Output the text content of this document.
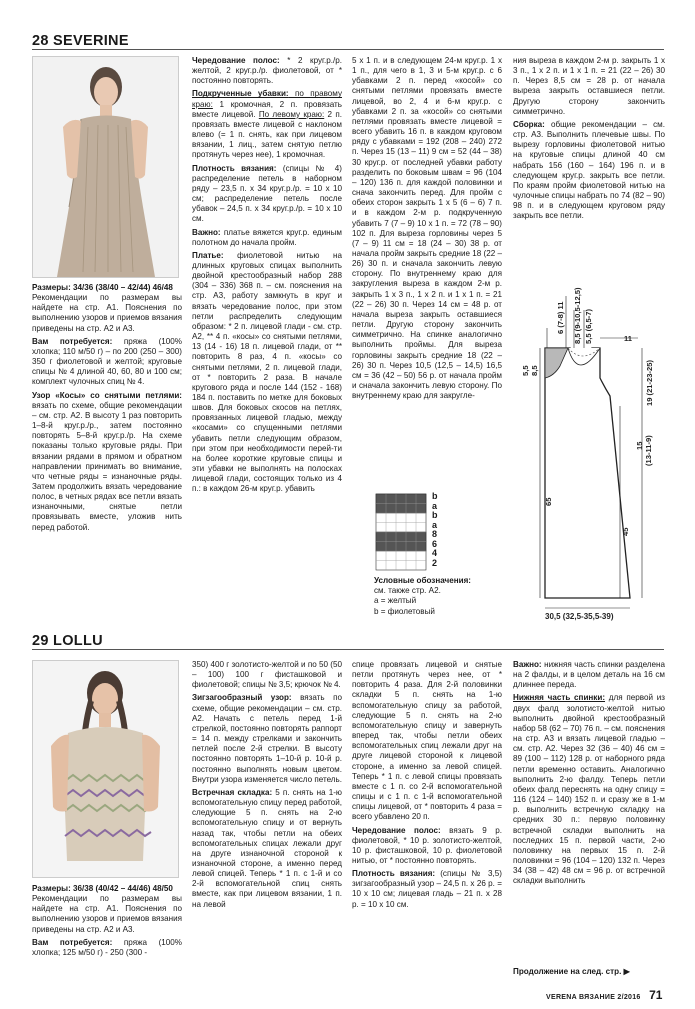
28 SEVERINE

Размеры: 34/36 (38/40 – 42/44) 46/48
Рекомендации по размерам вы найдете на стр. А1. Пояснения по выполнению узоров и приемов вязания приведены на стр. А2 и А3.

Вам потребуется: пряжа (100% хлопка; 110 м/50 г) – по 200 (250 – 300) 350 г фиолетовой и желтой; круговые спицы № 4 длиной 40, 60, 80 и 100 см; комплект чулочных спиц № 4.

Узор «Косы» со снятыми петлями: вязать по схеме, общие рекомендации – см. стр. А2. В высоту 1 раз повторить 1–8-й круг.р./р., затем постоянно повторять 5–8-й круг.р./р. На схеме показаны только круговые ряды. При вязании рядами в прямом и обратном направлении принимать во внимание, что четные ряды = изнаночные ряды. Затем продолжить вязать чередование полос, в четных рядах все петли вязать изнаночными, снятые петли провязывать вместе, уложив нить перед работой.

Чередование полос: * 2 круг.р./р. желтой, 2 круг.р./р. фиолетовой, от * постоянно повторять.

Подкрученные убавки: по правому краю: 1 кромочная, 2 п. провязать вместе лицевой. По левому краю: 2 п. провязать вместе лицевой с наклоном влево (= 1 п. снять, как при лицевом вязании, 1 лиц., затем снятую петлю протянуть через нее), 1 кромочная.

Плотность вязания: (спицы № 4) распределение петель в наборном ряду – 23,5 п. х 34 круг.р./р. = 10 х 10 см; распределение петель после убавок – 24,5 п. х 34 круг.р./р. = 10 х 10 см.

Важно: платье вяжется круг.р. единым полотном до начала пройм.

Платье: фиолетовой нитью на длинных круговых спицах выполнить двойной крестообразный набор 288 (304 – 336) 368 п. – см. пояснения на стр. А3, работу замкнуть в круг и вязать чередование полос, при этом петли распределить следующим образом: * 2 п. лицевой глади - см. стр. А2, ** 4 п. «косы» со снятыми петлями, 13 (14 - 16) 18 п. лицевой глади, от ** повторить 8 раз, 4 п. «косы» со снятыми петлями, 2 п. лицевой глади, от * повторить 2 раза. В начале кругового ряда и после 144 (152 - 168) 184 п. поставить по метке для боковых швов. Для боковых скосов на петлях, провязанных лицевой гладью, между «косами» со спущенными петлями убавить петли следующим образом, при этом при необходимости перей-ти на более короткие круговые спицы и эти убавки не выполнять на полосках лицевой глади, состоящих только из 4 п.: в каждом 26-м круг.р. убавить

5 х 1 п. и в следующем 24-м круг.р. 1 х 1 п., для чего в 1, 3 и 5-м круг.р. с 6 убавками 2 п. перед «косой» со снятыми петлями провязать вместе лицевой, во 2, 4 и 6-м круг.р. с убавками 2 п. за «косой» со снятыми петлями провязать вместе лицевой = всего убавить 16 п. в каждом круговом ряду с убавками = 192 (208 – 240) 272 п. Через 15 (13 – 11) 9 см = 52 (44 – 38) 30 круг.р. от последней убавки работу разделить по боковым швам = 96 (104 – 120) 136 п. для каждой половинки и снача закончить перед. Для пройм с обеих сторон закрыть 1 х 5 (6 – 6) 7 п. и в каждом 2-м р. подкрученную убавить 7 (7 – 9) 10 х 1 п. = 72 (78 – 90) 102 п. Для выреза горловины через 5 (7 – 9) 11 см = 18 (24 – 30) 38 р. от начала пройм закрыть средние 18 (22 – 26) 30 п. и сначала закончить левую сторону. По внутреннему краю для закругления выреза в каждом 2-м р. закрыть 1 х 3 п., 1 х 2 п. и 1 х 1 п. = 21 (22 – 26) 30 п. Через 14 см = 48 р. от начала выреза закрыть оставшиеся петли. Другую сторону закончить симметрично. На спинке аналогично выполнить проймы. Для выреза горловины закрыть средние 18 (22 – 26) 30 п. Через 10,5 (12,5 – 14,5) 16,5 см = 36 (42 – 50) 56 р. от начала пройм и сначала закончить левую сторону. По внутреннему краю для закругле-

b
a
b
a
8
6
4
2
Условные обозначения:
см. также стр. А2.
a = желтый
b = фиолетовый

ния выреза в каждом 2-м р. закрыть 1 х 3 п., 1 х 2 п. и 1 х 1 п. = 21 (22 – 26) 30 п. Через 8,5 см = 28 р. от начала выреза закрыть оставшиеся петли. Другую сторону закончить симметрично.

Сборка: общие рекомендации – см. стр. А3. Выполнить плечевые швы. По вырезу горловины фиолетовой нитью на круговые спицы длиной 40 см набрать 156 (160 – 164) 196 п. и в следующем круг.р. закрыть все петли. По краям пройм фиолетовой нитью на чулочные спицы набрать по 74 (82 – 90) 98 п. и в следующем круговом ряду закрыть все петли.

6 (7-8) 11 8,5 (9-10,5-12,5) 5,5 (6,5-7)
5,5 8,5
11
19 (21-23-25)
65
15 (13-11-9)
45
30,5 (32,5-35,5-39)
29 LOLLU

Размеры: 36/38 (40/42 – 44/46) 48/50
Рекомендации по размерам вы найдете на стр. А1. Пояснения по выполнению узоров и приемов вязания приведены на стр. А2 и А3.

Вам потребуется: пряжа (100% хлопка; 125 м/50 г) - 250 (300 -

350) 400 г золотисто-желтой и по 50 (50 – 100) 100 г фисташковой и фиолетовой; спицы № 3,5; крючок № 4.

Зигзагообразный узор: вязать по схеме, общие рекомендации – см. стр. А2. Начать с петель перед 1-й стрелкой, постоянно повторять раппорт = 14 п. между стрелками и закончить петлей после 2-й стрелки. В высоту постоянно повторять 1–10-й р. 10-й р. постоянно выполнять новым цветом. Внутри узора изменяется число петель.

Встречная складка: 5 п. снять на 1-ю вспомогательную спицу перед работой, следующие 5 п. снять на 2-ю вспомогательную спицу и от вернуть назад так, чтобы петли на обеих вспомогательных спицах лежали друг на друге изнаночной стороной к изнаночной стороне, а именно перед левой спицей. Теперь * 1 п. с 1-й и со 2-й вспомогательной спиц снять вместе, как при лицевом вязании, 1 п. на левой

спице провязать лицевой и снятые петли протянуть через нее, от * повторить 4 раза. Для 2-й половинки складки 5 п. снять на 1-ю вспомогательную спицу за работой, следующие 5 п. снять на 2-ю вспомогательную спицу и завернуть вперед так, чтобы петли обеих вспомогательных спиц лежали друг на друге лицевой стороной к лицевой стороне, а именно за левой спицей. Теперь * 1 п. с левой спицы провязать вместе с 1 п. со 2-й вспомогательной спицы и с 1 п. с 1-й вспомогательной спицы лицевой, от * повторить 4 раза = всего убавлено 20 п.

Чередование полос: вязать 9 р. фиолетовой, * 10 р. золотисто-желтой, 10 р. фисташковой, 10 р. фиолетовой нитью, от * постоянно повторять.

Плотность вязания: (спицы № 3,5) зигзагообразный узор – 24,5 п. х 26 р. = 10 х 10 см; лицевая гладь – 21 п. х 28 р. = 10 х 10 см.

Важно: нижняя часть спинки разделена на 2 фалды, и в целом деталь на 16 см длиннее переда.

Нижняя часть спинки: для первой из двух фалд золотисто-желтой нитью выполнить двойной крестообразный набор 58 (62 – 70) 76 п. – см. пояснения на стр. А3 и вязать лицевой гладью – см. стр. А2. Через 32 (36 – 40) 46 см = 89 (100 – 112) 128 р. от наборного ряда петли временно оставить. Аналогично выполнить 2-ю фалду. Теперь петли обеих фалд переснять на одну спицу = 116 (124 – 140) 152 п. и сразу же в 1-м р. выполнить встречную складку на средних 30 п.: первую половинку встречной складки выполнить на последних 15 п. первой части, 2-ю половинку на первых 15 п. 2-й половинки = 96 (104 – 120) 132 п. Через 34 (38 – 42) 48 см = 96 р. от встречной складки выполнить

Продолжение на след. стр. ▶
VERENA ВЯЗАНИЕ 2/2016 71
